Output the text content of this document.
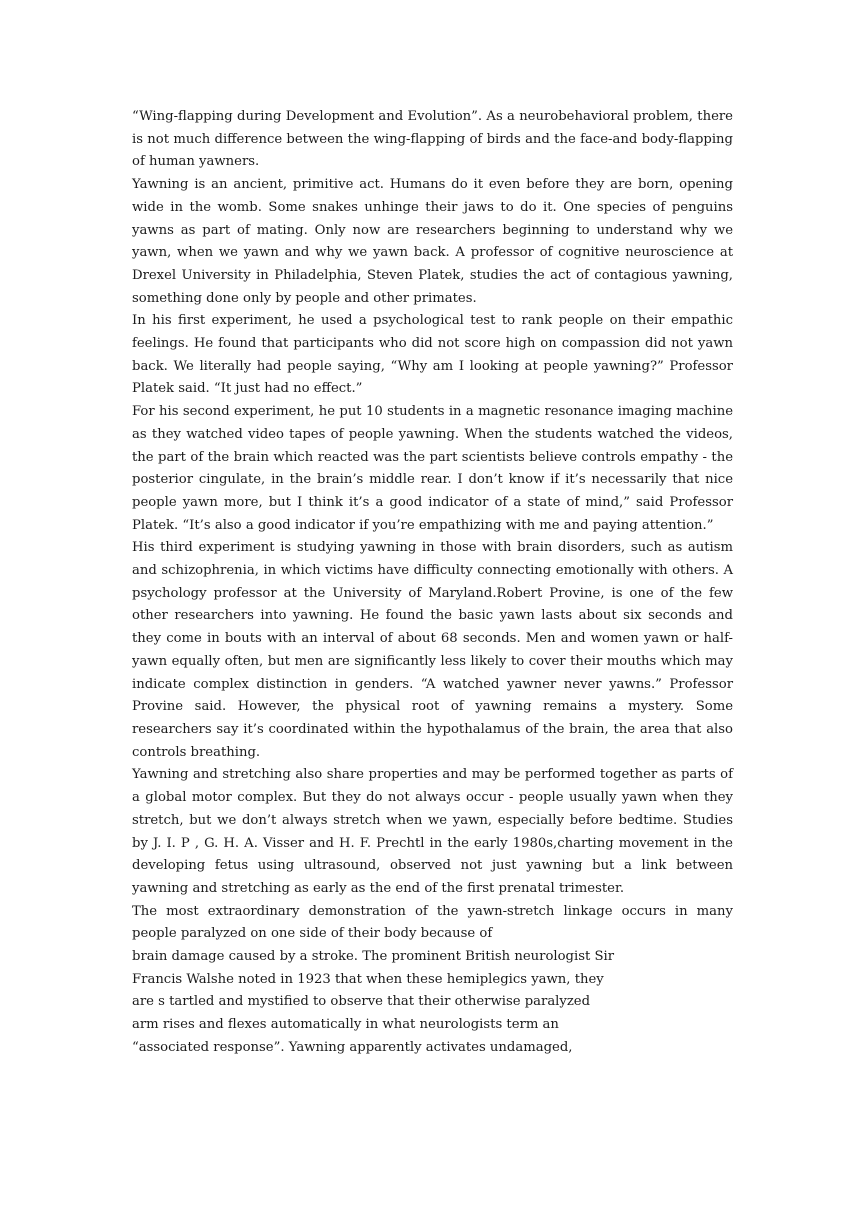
“Wing-flapping during Development and Evolution”. As a neurobehavioral problem, there is not much difference between the wing-flapping of birds and the face-and body-flapping of human yawners.

Yawning is an ancient, primitive act. Humans do it even before they are born, opening wide in the womb. Some snakes unhinge their jaws to do it. One species of penguins yawns as part of mating. Only now are researchers beginning to understand why we yawn, when we yawn and why we yawn back. A professor of cognitive neuroscience at Drexel University in Philadelphia, Steven Platek, studies the act of contagious yawning, something done only by people and other primates.

In his first experiment, he used a psychological test to rank people on their empathic feelings. He found that participants who did not score high on compassion did not yawn back. We literally had people saying, “Why am I looking at people yawning?” Professor Platek said. “It just had no effect.”

For his second experiment, he put 10 students in a magnetic resonance imaging machine as they watched video tapes of people yawning. When the students watched the videos, the part of the brain which reacted was the part scientists believe controls empathy - the posterior cingulate, in the brain’s middle rear. I don’t know if it’s necessarily that nice people yawn more, but I think it’s a good indicator of a state of mind,” said Professor Platek. “It’s also a good indicator if you’re empathizing with me and paying attention.”

His third experiment is studying yawning in those with brain disorders, such as autism and schizophrenia, in which victims have difficulty connecting emotionally with others. A psychology professor at the University of Maryland.Robert Provine, is one of the few other researchers into yawning. He found the basic yawn lasts about six seconds and they come in bouts with an interval of about 68 seconds. Men and women yawn or half-yawn equally often, but men are significantly less likely to cover their mouths which may indicate complex distinction in genders. “A watched yawner never yawns.” Professor Provine said. However, the physical root of yawning remains a mystery. Some researchers say it’s coordinated within the hypothalamus of the brain, the area that also controls breathing.

Yawning and stretching also share properties and may be performed together as parts of a global motor complex. But they do not always occur - people usually yawn when they stretch, but we don’t always stretch when we yawn, especially before bedtime. Studies by J. I. P , G. H. A. Visser and H. F. Prechtl in the early 1980s,charting movement in the developing fetus using ultrasound, observed not just yawning but a link between yawning and stretching as early as the end of the first prenatal trimester.

The most extraordinary demonstration of the yawn-stretch linkage occurs in many people paralyzed on one side of their body because of

brain damage caused by a stroke. The prominent British neurologist Sir
Francis Walshe noted in 1923 that when these hemiplegics yawn, they
are s tartled and mystified to observe that their otherwise paralyzed
arm rises and flexes automatically in what neurologists term an
“associated response”. Yawning apparently activates undamaged,
